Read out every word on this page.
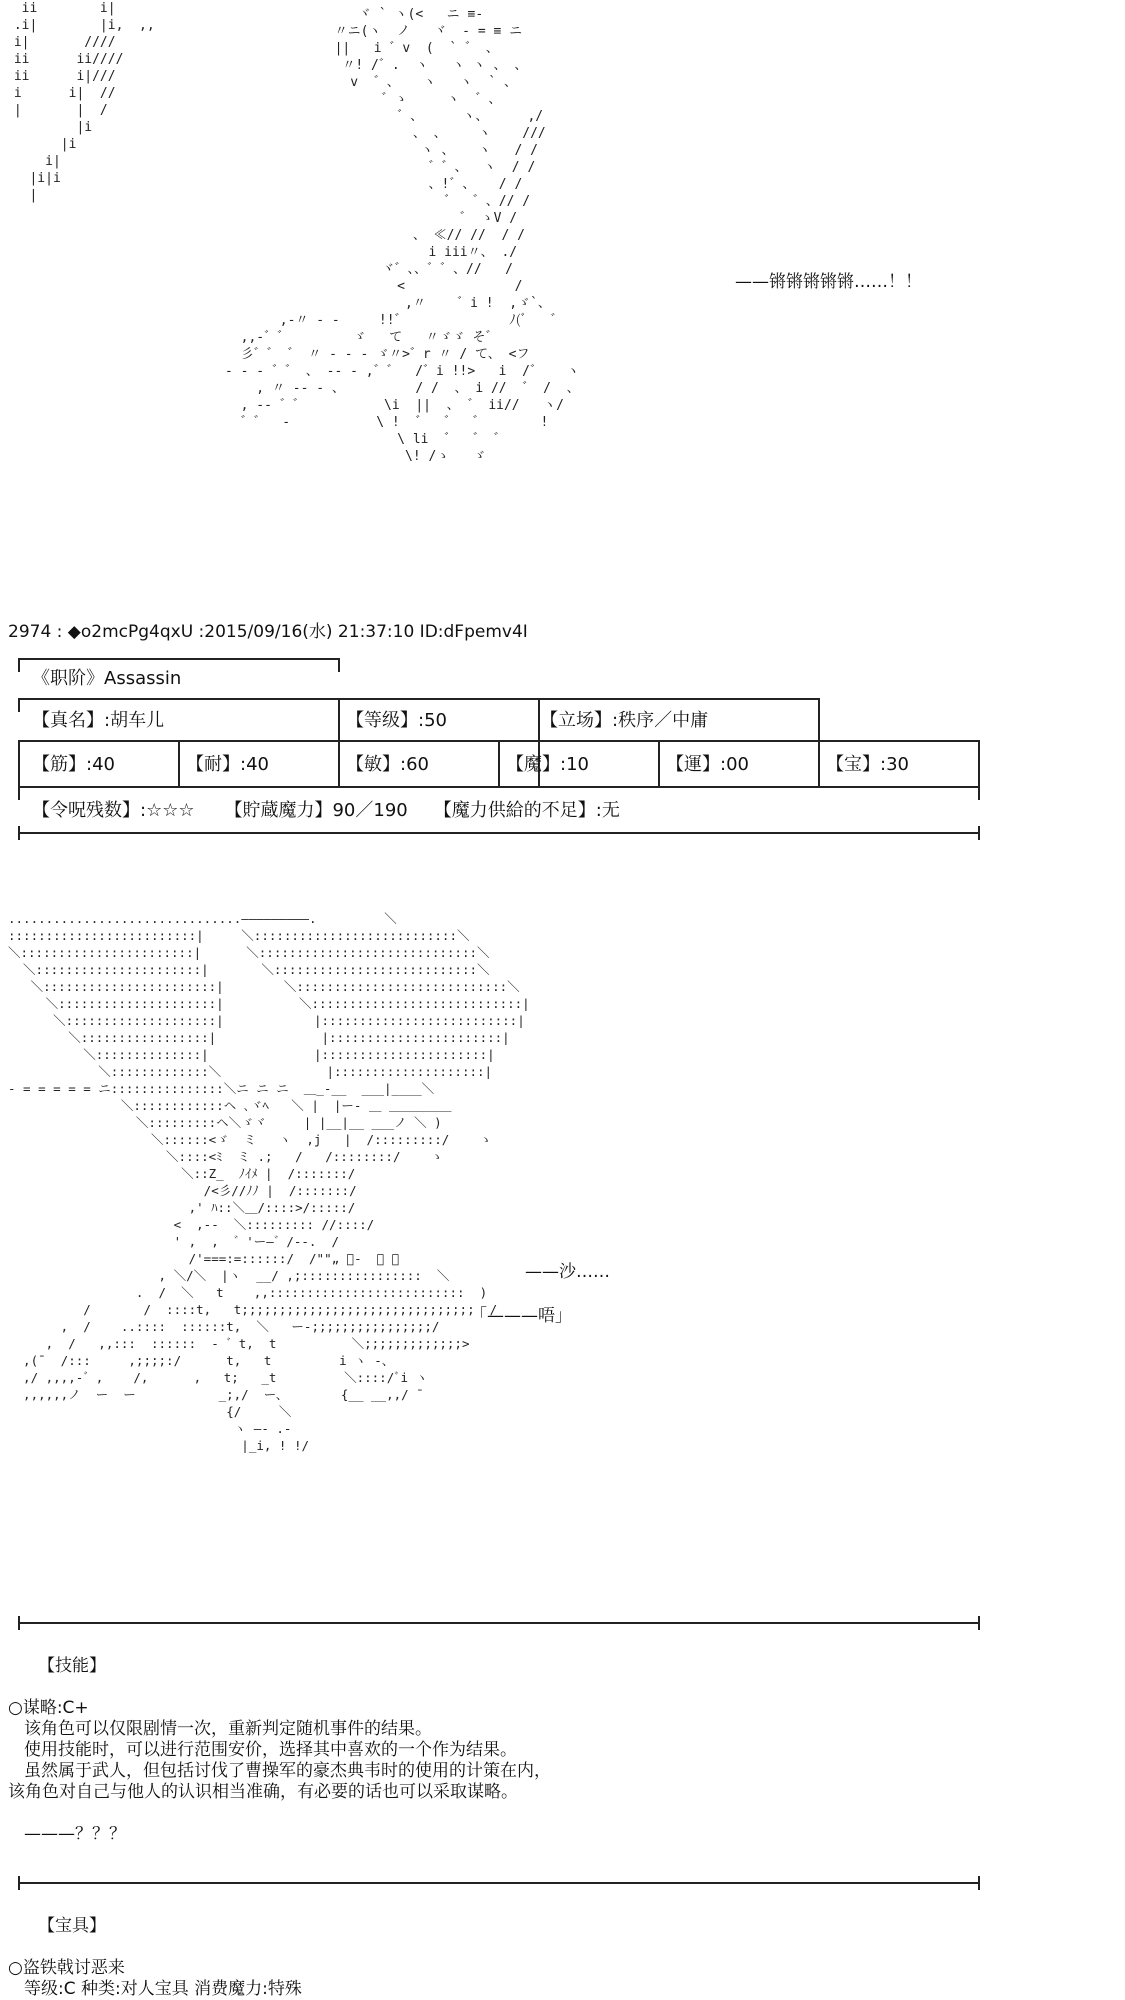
ii        i|
.i|        |i,  ,,
i|       ////
ii      ii////
ii      i|///
i      i|  //
|       |  /
|i
|i
i|
|i|i
|
ヾ ` ヽ(<   ニ ≡-
〃ニ(ヽ  ノ   ヾ  - = ≡ ニ
||   i ゛v  (  ` ゛ 、
〃! /゛.  ヽ   ヽ ヽ 、 、
v  ゛、   ヽ   ヽ  ` 、
゛ゝ     ヽ  ゛、
゛、     ヽ、     ,/
、 、    ヽ    ///
ヽ 、   ヽ   / /
゛゛、  ヽ  / /
、!゛、   / /
゛  ゛、// /
゛ ゝV /
、 ≪// //  / /
i iii〃、 ./
ヾ゛、、゛゛、//   /
<              /
,〃    ゛i !  ,ゞ`、
,-〃 - -     !!゛             ﾉ(ﾞ   ゛
,,-゛゛        ゞ   て   〃ゞゞ そ゛
彡゛゛ ゛ 〃 - - - ゞ〃>゛r 〃 / て、 <フ
- - - ゛゛ 、 -- - ,゛゛  /゛i !!>   i  /゛   ヽ
, 〃 -- - 、         / /  、 i //  ゛ /  、
, -- ゛゛          \i  ||  、 ゛ ii//   ヽ/
゛゛  -           \ !  ゛  ゛  ゛       !
\ li  ゛  ゛ ゛
\! /ゝ   ゞ
——锵锵锵锵锵……！！
2974 : ◆o2mcPg4qxU :2015/09/16(水) 21:37:10 ID:dFpemv4I
《职阶》Assassin
【真名】:胡车儿	【等级】:50	【立场】:秩序／中庸
【筋】:40	【耐】:40	【敏】:60	【魔】:10	【運】:00	【宝】:30
【令呪残数】:☆☆☆ 【貯蔵魔力】90／190 【魔力供給的不足】:无
...............................―――――――――.         ＼
:::::::::::::::::::::::::|     ＼:::::::::::::::::::::::::::＼
＼:::::::::::::::::::::::|      ＼:::::::::::::::::::::::::::::＼
＼::::::::::::::::::::::|       ＼:::::::::::::::::::::::::::＼
＼:::::::::::::::::::::::|        ＼::::::::::::::::::::::::::::＼
＼:::::::::::::::::::::|          ＼::::::::::::::::::::::::::::|
＼::::::::::::::::::::|            |::::::::::::::::::::::::::|
＼:::::::::::::::::|              |:::::::::::::::::::::::|
＼::::::::::::::|              |::::::::::::::::::::::|
＼:::::::::::::＼              |::::::::::::::::::::|
- = = = = = ニ:::::::::::::::＼ニ ニ ニ  ＿_-__  ___|____＼
＼::::::::::::ヘ ､ヾﾍ   ＼ |  |ー- ＿ ＿＿＿＿＿
＼:::::::::ヘ＼ゞヾ     | |__|__ ___ノ ＼ )
＼::::::<ゞ  ミ   ヽ  ,j   |  /:::::::::/    ゝ
＼::::<ﾐ  ミ .;   /   /::::::::/    ゝ
＼::Z_  ﾉｲﾒ |  /:::::::/
/<彡//ﾉﾉ |  /:::::::/
,' ﾊ::＼＿/::::>/:::::/
<  ,--  ＼::::::::: //::::/
' ,  ,  ゛'ー―゛/--.  /
/'===:=::::::/  /""„ ﾞ-  ー ー
, ＼/＼  |ヽ  __/ ,;::::::::::::::::  ＼
.  /  ＼   t    ,,::::::::::::::::::::::::::  )
/       /  ::::t,   t;;;;;;;;;;;;;;;;;;;;;;;;;;;;;;;  /
,  /    ..::::  ::::::t,  ＼   ー-;;;;;;;;;;;;;;;;/
,  /   ,,:::  ::::::  - ゛t,  t          ＼;;;;;;;;;;;;;>
,(¯  /:::     ,;;;;:/      t,   t         i ヽ -、
,/ ,,,,-゛,    /,      ,   t;   _t         ＼::::/ﾞi ヽ
,,,,,,ノ  ー  ー           _;,/  ー、       {__ __,,/ ̄
{/     ＼
ヽ ―- .-
|_i, ! !/
——沙……
「———唔」
【技能】
○谋略:C+
该角色可以仅限剧情一次，重新判定随机事件的结果。
使用技能时，可以进行范围安价，选择其中喜欢的一个作为结果。
虽然属于武人，但包括讨伐了曹操军的豪杰典韦时的使用的计策在内，
该角色对自己与他人的认识相当准确，有必要的话也可以采取谋略。
———？？？
【宝具】
○盗铁戟讨恶来
等级:C 种类:对人宝具 消费魔力:特殊
